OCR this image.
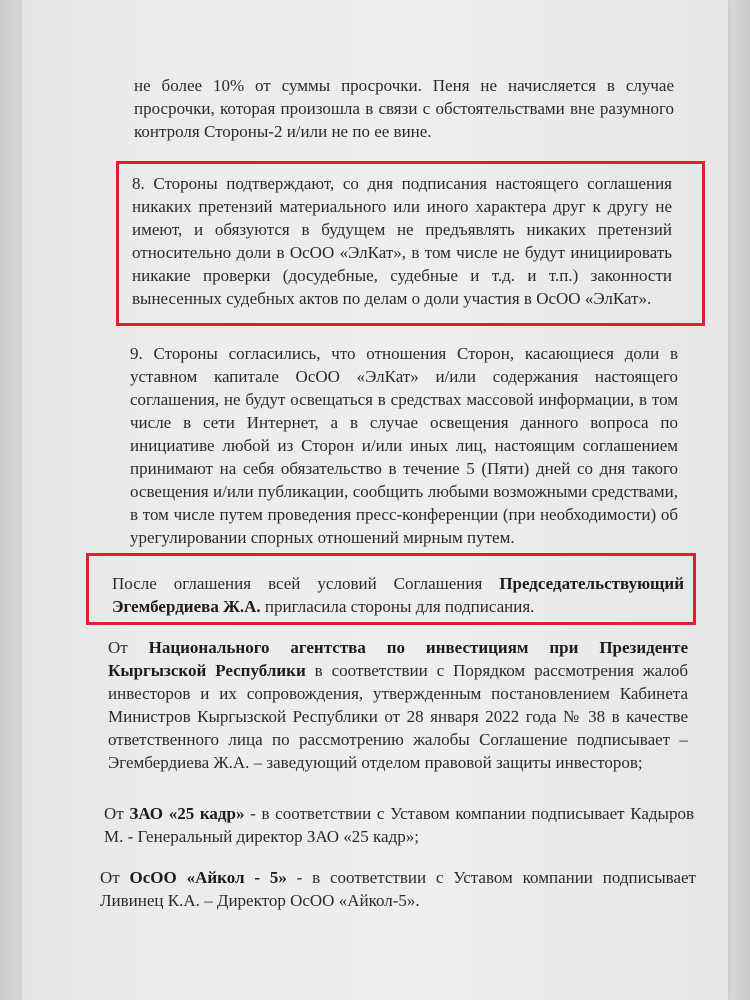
не более 10% от суммы просрочки. Пеня не начисляется в случае просрочки, которая произошла в связи с обстоятельствами вне разумного контроля Стороны-2 и/или не по ее вине.

8. Стороны подтверждают, со дня подписания настоящего соглашения никаких претензий материального или иного характера друг к другу не имеют, и обязуются в будущем не предъявлять никаких претензий относительно доли в ОсОО «ЭлКат», в том числе не будут инициировать никакие проверки (досудебные, судебные и т.д. и т.п.) законности вынесенных судебных актов по делам о доли участия в ОсОО «ЭлКат».

9. Стороны согласились, что отношения Сторон, касающиеся доли в уставном капитале ОсОО «ЭлКат» и/или содержания настоящего соглашения, не будут освещаться в средствах массовой информации, в том числе в сети Интернет, а в случае освещения данного вопроса по инициативе любой из Сторон и/или иных лиц, настоящим соглашением принимают на себя обязательство в течение 5 (Пяти) дней со дня такого освещения и/или публикации, сообщить любыми возможными средствами, в том числе путем проведения пресс-конференции (при необходимости) об урегулировании спорных отношений мирным путем.

После оглашения всей условий Соглашения Председательствующий Эгембердиева Ж.А. пригласила стороны для подписания.

От Национального агентства по инвестициям при Президенте Кыргызской Республики в соответствии с Порядком рассмотрения жалоб инвесторов и их сопровождения, утвержденным постановлением Кабинета Министров Кыргызской Республики от 28 января 2022 года № 38 в качестве ответственного лица по рассмотрению жалобы Соглашение подписывает – Эгембердиева Ж.А. – заведующий отделом правовой защиты инвесторов;

От ЗАО «25 кадр» - в соответствии с Уставом компании подписывает Кадыров М. - Генеральный директор ЗАО «25 кадр»;

От ОсОО «Айкол - 5» - в соответствии с Уставом компании подписывает Ливинец К.А. – Директор ОсОО «Айкол-5».
